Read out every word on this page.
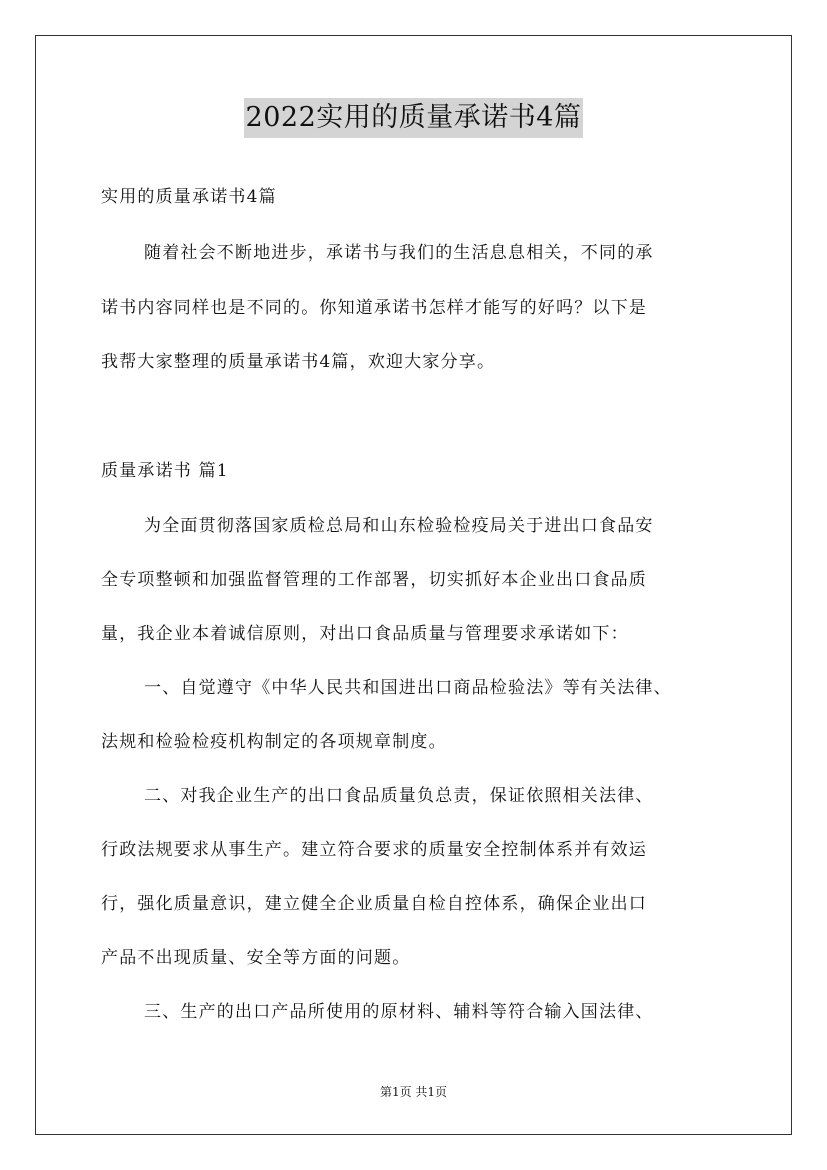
2022实用的质量承诺书4篇
实用的质量承诺书4篇
随着社会不断地进步，承诺书与我们的生活息息相关，不同的承
诺书内容同样也是不同的。你知道承诺书怎样才能写的好吗？以下是
我帮大家整理的质量承诺书4篇，欢迎大家分享。
质量承诺书 篇1
为全面贯彻落国家质检总局和山东检验检疫局关于进出口食品安
全专项整顿和加强监督管理的工作部署，切实抓好本企业出口食品质
量，我企业本着诚信原则，对出口食品质量与管理要求承诺如下：
一、自觉遵守《中华人民共和国进出口商品检验法》等有关法律、
法规和检验检疫机构制定的各项规章制度。
二、对我企业生产的出口食品质量负总责，保证依照相关法律、
行政法规要求从事生产。建立符合要求的质量安全控制体系并有效运
行，强化质量意识，建立健全企业质量自检自控体系，确保企业出口
产品不出现质量、安全等方面的问题。
三、生产的出口产品所使用的原材料、辅料等符合输入国法律、
第1页 共1页
